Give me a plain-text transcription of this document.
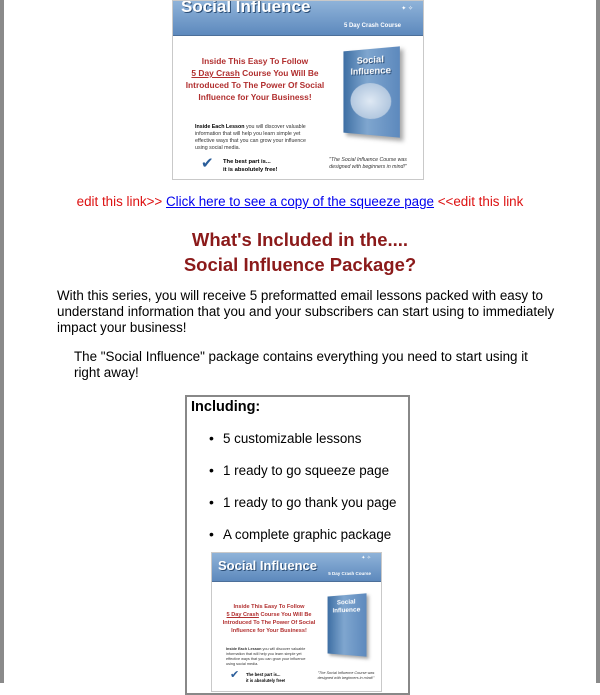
Social Influence	✦ ✧
5 Day Crash Course
Inside This Easy To Follow
5 Day Crash Course You Will Be Introduced To The Power Of Social Influence for Your Business!
Social
Influence
Inside Each Lesson you will discover valuable information that will help you learn simple yet effective ways that you can grow your influence using social media.
✔ The best part is...
it is absolutely free!
"The Social Influence Course was designed with beginners in mind!"
edit this link>> Click here to see a copy of the squeeze page <<edit this link
What's Included in the....
Social Influence Package?
With this series, you will receive 5 preformatted email lessons packed with easy to understand information that you and your subscribers can start using to immediately impact your business!
The "Social Influence" package contains everything you need to start using it right away!
Including:
• 5 customizable lessons
• 1 ready to go squeeze page
• 1 ready to go thank you page
• A complete graphic package
Social Influence	✦ ✧
5 Day Crash Course
Inside This Easy To Follow
5 Day Crash Course You Will Be Introduced To The Power Of Social Influence for Your Business!
Social
Influence
Inside Each Lesson you will discover valuable information that will help you learn simple yet effective ways that you can grow your influence using social media.
✔ The best part is...
it is absolutely free!
"The Social Influence Course was designed with beginners in mind!"
